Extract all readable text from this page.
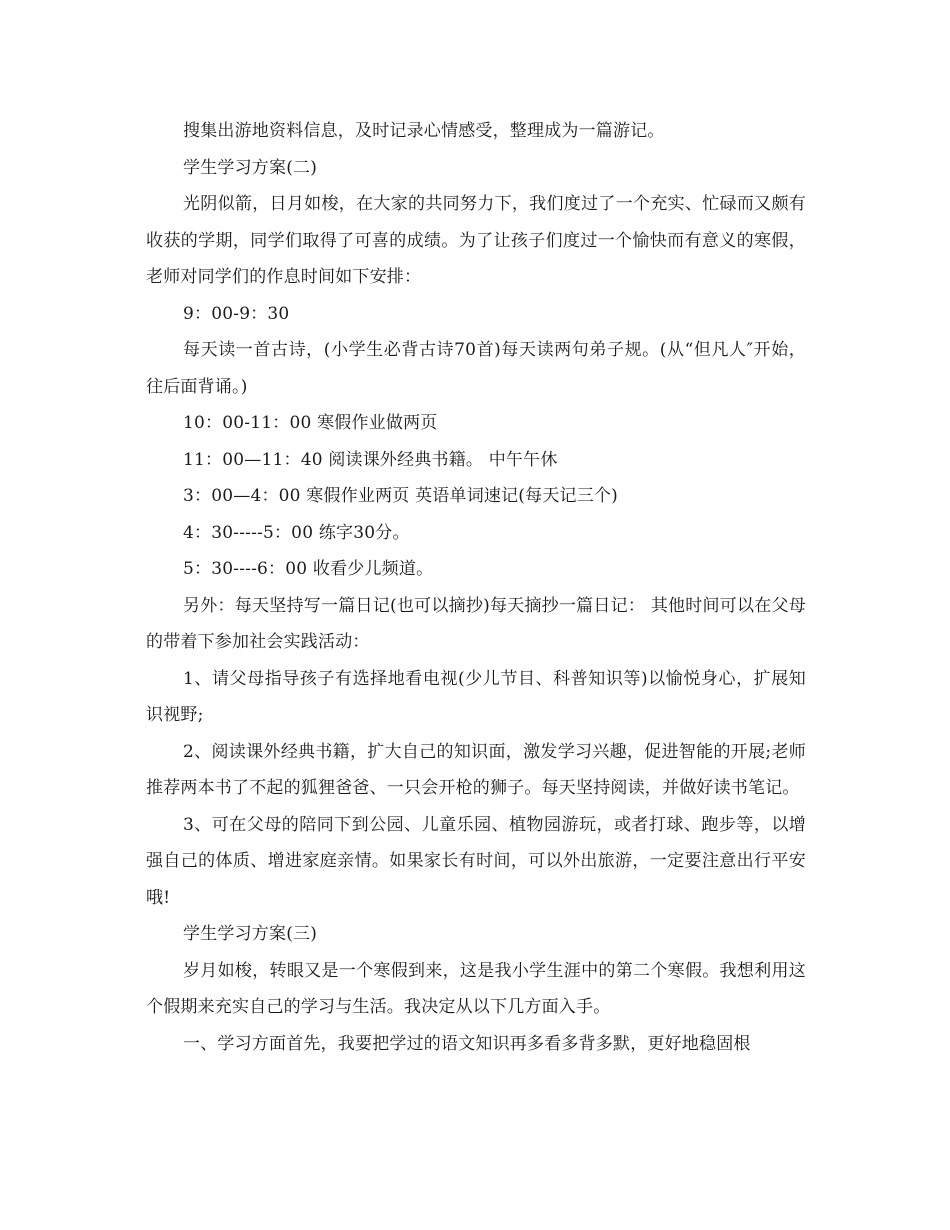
搜集出游地资料信息，及时记录心情感受，整理成为一篇游记。

学生学习方案(二)

光阴似箭，日月如梭，在大家的共同努力下，我们度过了一个充实、忙碌而又颇有收获的学期，同学们取得了可喜的成绩。为了让孩子们度过一个愉快而有意义的寒假，老师对同学们的作息时间如下安排：

9：00-9：30

每天读一首古诗，(小学生必背古诗70首)每天读两句弟子规。(从“但凡人″开始，往后面背诵。)

10：00-11：00 寒假作业做两页

11：00—11：40 阅读课外经典书籍。 中午午休

3：00—4：00 寒假作业两页 英语单词速记(每天记三个)

4：30-----5：00 练字30分。

5：30----6：00 收看少儿频道。

另外：每天坚持写一篇日记(也可以摘抄)每天摘抄一篇日记： 其他时间可以在父母的带着下参加社会实践活动：

1、请父母指导孩子有选择地看电视(少儿节目、科普知识等)以愉悦身心，扩展知识视野;

2、阅读课外经典书籍，扩大自己的知识面，激发学习兴趣，促进智能的开展;老师推荐两本书了不起的狐狸爸爸、一只会开枪的狮子。每天坚持阅读，并做好读书笔记。

3、可在父母的陪同下到公园、儿童乐园、植物园游玩，或者打球、跑步等，以增强自己的体质、增进家庭亲情。如果家长有时间，可以外出旅游，一定要注意出行平安哦!

学生学习方案(三)

岁月如梭，转眼又是一个寒假到来，这是我小学生涯中的第二个寒假。我想利用这个假期来充实自己的学习与生活。我决定从以下几方面入手。

一、学习方面首先，我要把学过的语文知识再多看多背多默，更好地稳固根
